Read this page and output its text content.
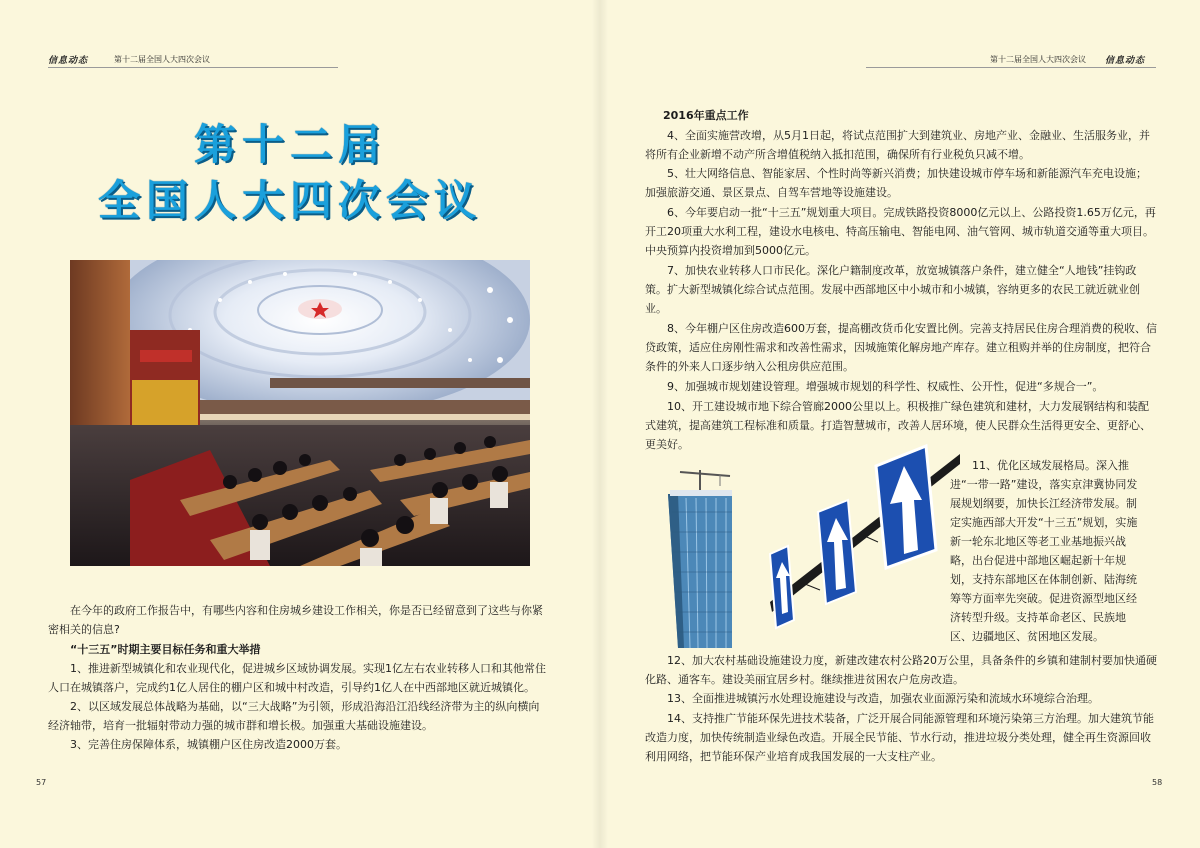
信息动态	第十二届全国人大四次会议
第十二届
全国人大四次会议

在今年的政府工作报告中，有哪些内容和住房城乡建设工作相关，你是否已经留意到了这些与你紧密相关的信息?

“十三五”时期主要目标任务和重大举措

1、推进新型城镇化和农业现代化，促进城乡区域协调发展。实现1亿左右农业转移人口和其他常住人口在城镇落户，完成约1亿人居住的棚户区和城中村改造，引导约1亿人在中西部地区就近城镇化。

2、以区域发展总体战略为基础，以“三大战略”为引领，形成沿海沿江沿线经济带为主的纵向横向经济轴带，培育一批辐射带动力强的城市群和增长极。加强重大基础设施建设。

3、完善住房保障体系，城镇棚户区住房改造2000万套。

57
第十二届全国人大四次会议 信息动态

2016年重点工作

4、全面实施营改增，从5月1日起，将试点范围扩大到建筑业、房地产业、金融业、生活服务业，并将所有企业新增不动产所含增值税纳入抵扣范围，确保所有行业税负只减不增。

5、壮大网络信息、智能家居、个性时尚等新兴消费；加快建设城市停车场和新能源汽车充电设施；加强旅游交通、景区景点、自驾车营地等设施建设。

6、今年要启动一批“十三五”规划重大项目。完成铁路投资8000亿元以上、公路投资1.65万亿元，再开工20项重大水利工程，建设水电核电、特高压输电、智能电网、油气管网、城市轨道交通等重大项目。中央预算内投资增加到5000亿元。

7、加快农业转移人口市民化。深化户籍制度改革，放宽城镇落户条件，建立健全“人地钱”挂钩政策。扩大新型城镇化综合试点范围。发展中西部地区中小城市和小城镇，容纳更多的农民工就近就业创业。

8、今年棚户区住房改造600万套，提高棚改货币化安置比例。完善支持居民住房合理消费的税收、信贷政策，适应住房刚性需求和改善性需求，因城施策化解房地产库存。建立租购并举的住房制度，把符合条件的外来人口逐步纳入公租房供应范围。

9、加强城市规划建设管理。增强城市规划的科学性、权威性、公开性，促进“多规合一”。

10、开工建设城市地下综合管廊2000公里以上。积极推广绿色建筑和建材，大力发展钢结构和装配式建筑，提高建筑工程标准和质量。打造智慧城市，改善人居环境，使人民群众生活得更安全、更舒心、更美好。

11、优化区域发展格局。深入推进“一带一路”建设，落实京津冀协同发展规划纲要，加快长江经济带发展。制定实施西部大开发“十三五”规划，实施新一轮东北地区等老工业基地振兴战略，出台促进中部地区崛起新十年规划，支持东部地区在体制创新、陆海统筹等方面率先突破。促进资源型地区经济转型升级。支持革命老区、民族地区、边疆地区、贫困地区发展。

12、加大农村基础设施建设力度，新建改建农村公路20万公里，具备条件的乡镇和建制村要加快通硬化路、通客车。建设美丽宜居乡村。继续推进贫困农户危房改造。

13、全面推进城镇污水处理设施建设与改造，加强农业面源污染和流域水环境综合治理。

14、支持推广节能环保先进技术装备，广泛开展合同能源管理和环境污染第三方治理。加大建筑节能改造力度，加快传统制造业绿色改造。开展全民节能、节水行动，推进垃圾分类处理，健全再生资源回收利用网络，把节能环保产业培育成我国发展的一大支柱产业。

58
